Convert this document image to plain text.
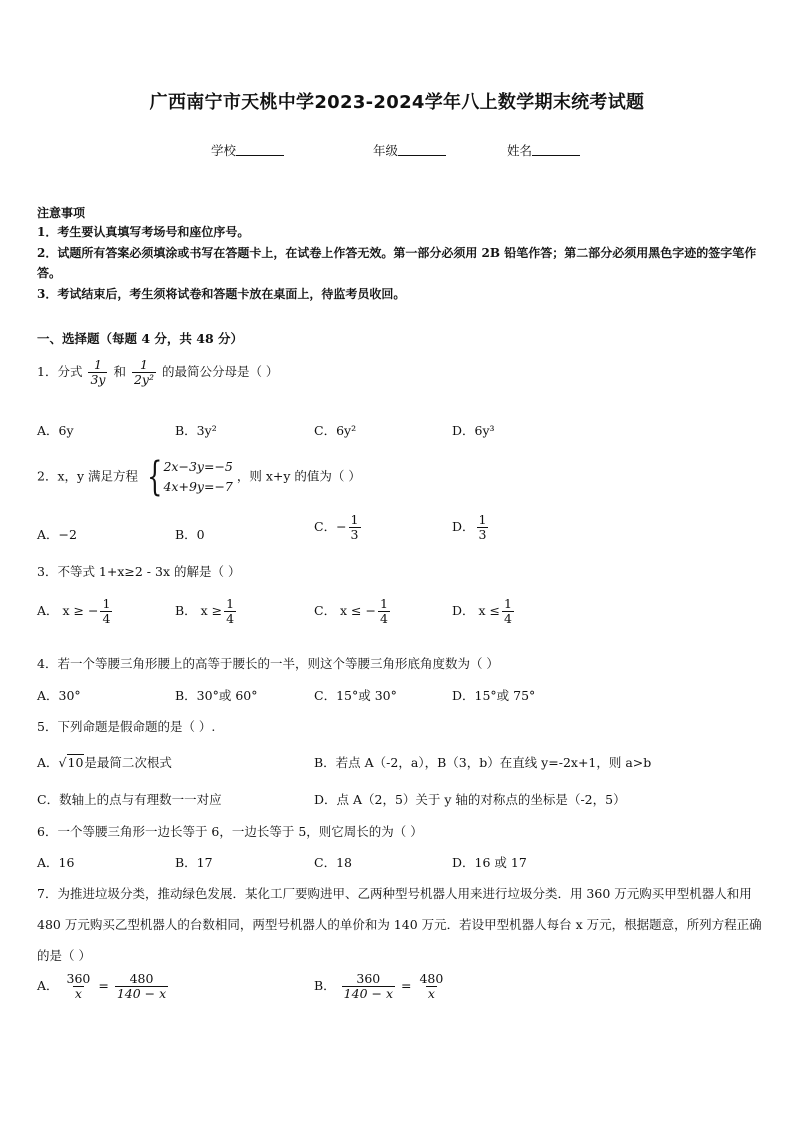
广西南宁市天桃中学2023-2024学年八上数学期末统考试题
学校	年级	姓名
注意事项
1．考生要认真填写考场号和座位序号。
2．试题所有答案必须填涂或书写在答题卡上，在试卷上作答无效。第一部分必须用 2B 铅笔作答；第二部分必须用黑色字迹的签字笔作答。
3．考试结束后，考生须将试卷和答题卡放在桌面上，待监考员收回。
一、选择题（每题 4 分，共 48 分）
1．分式 $\frac{1}{3y}$ 和 $\frac{1}{\text{2y²}}$ 的最简公分母是（ ）
A．6y	B．3y²	C．6y²	D．6y³
2．x，y 满足方程 { 2x−3y=−5
4x+9y=−7
，则 x+y 的值为（ ）
A．−2	B．0
C．− $\frac{1}{3}$	D． $\frac{1}{3}$
3．不等式 1+x≥2 - 3x 的解是（ ）
A． x ≥ − $\frac{1}{4}$	B． $x \ge \frac{1}{4}$	C． x ≤ − $\frac{1}{4}$	D． $x \le \frac{1}{4}$
4．若一个等腰三角形腰上的高等于腰长的一半，则这个等腰三角形底角度数为（ ）
A．30°	B．30°或 60°	C．15°或 30°	D．15°或 75°
5．下列命题是假命题的是（ ）.
A．√10是最简二次根式	B．若点 A（-2，a），B（3，b）在直线 y=-2x+1，则 a>b
C．数轴上的点与有理数一一对应	D．点 A（2，5）关于 y 轴的对称点的坐标是（-2，5）
6．一个等腰三角形一边长等于 6，一边长等于 5，则它周长的为（ ）
A．16	B．17	C．18	D．16 或 17
7．为推进垃圾分类，推动绿色发展．某化工厂要购进甲、乙两种型号机器人用来进行垃圾分类．用 360 万元购买甲型机器人和用 480 万元购买乙型机器人的台数相同，两型号机器人的单价和为 140 万元．若设甲型机器人每台 x 万元，根据题意，所列方程正确的是（ ）
A． $\frac{360}{x} = \frac{480}{140 - x}$	B． $\frac{360}{140 - x} = \frac{480}{x}$
